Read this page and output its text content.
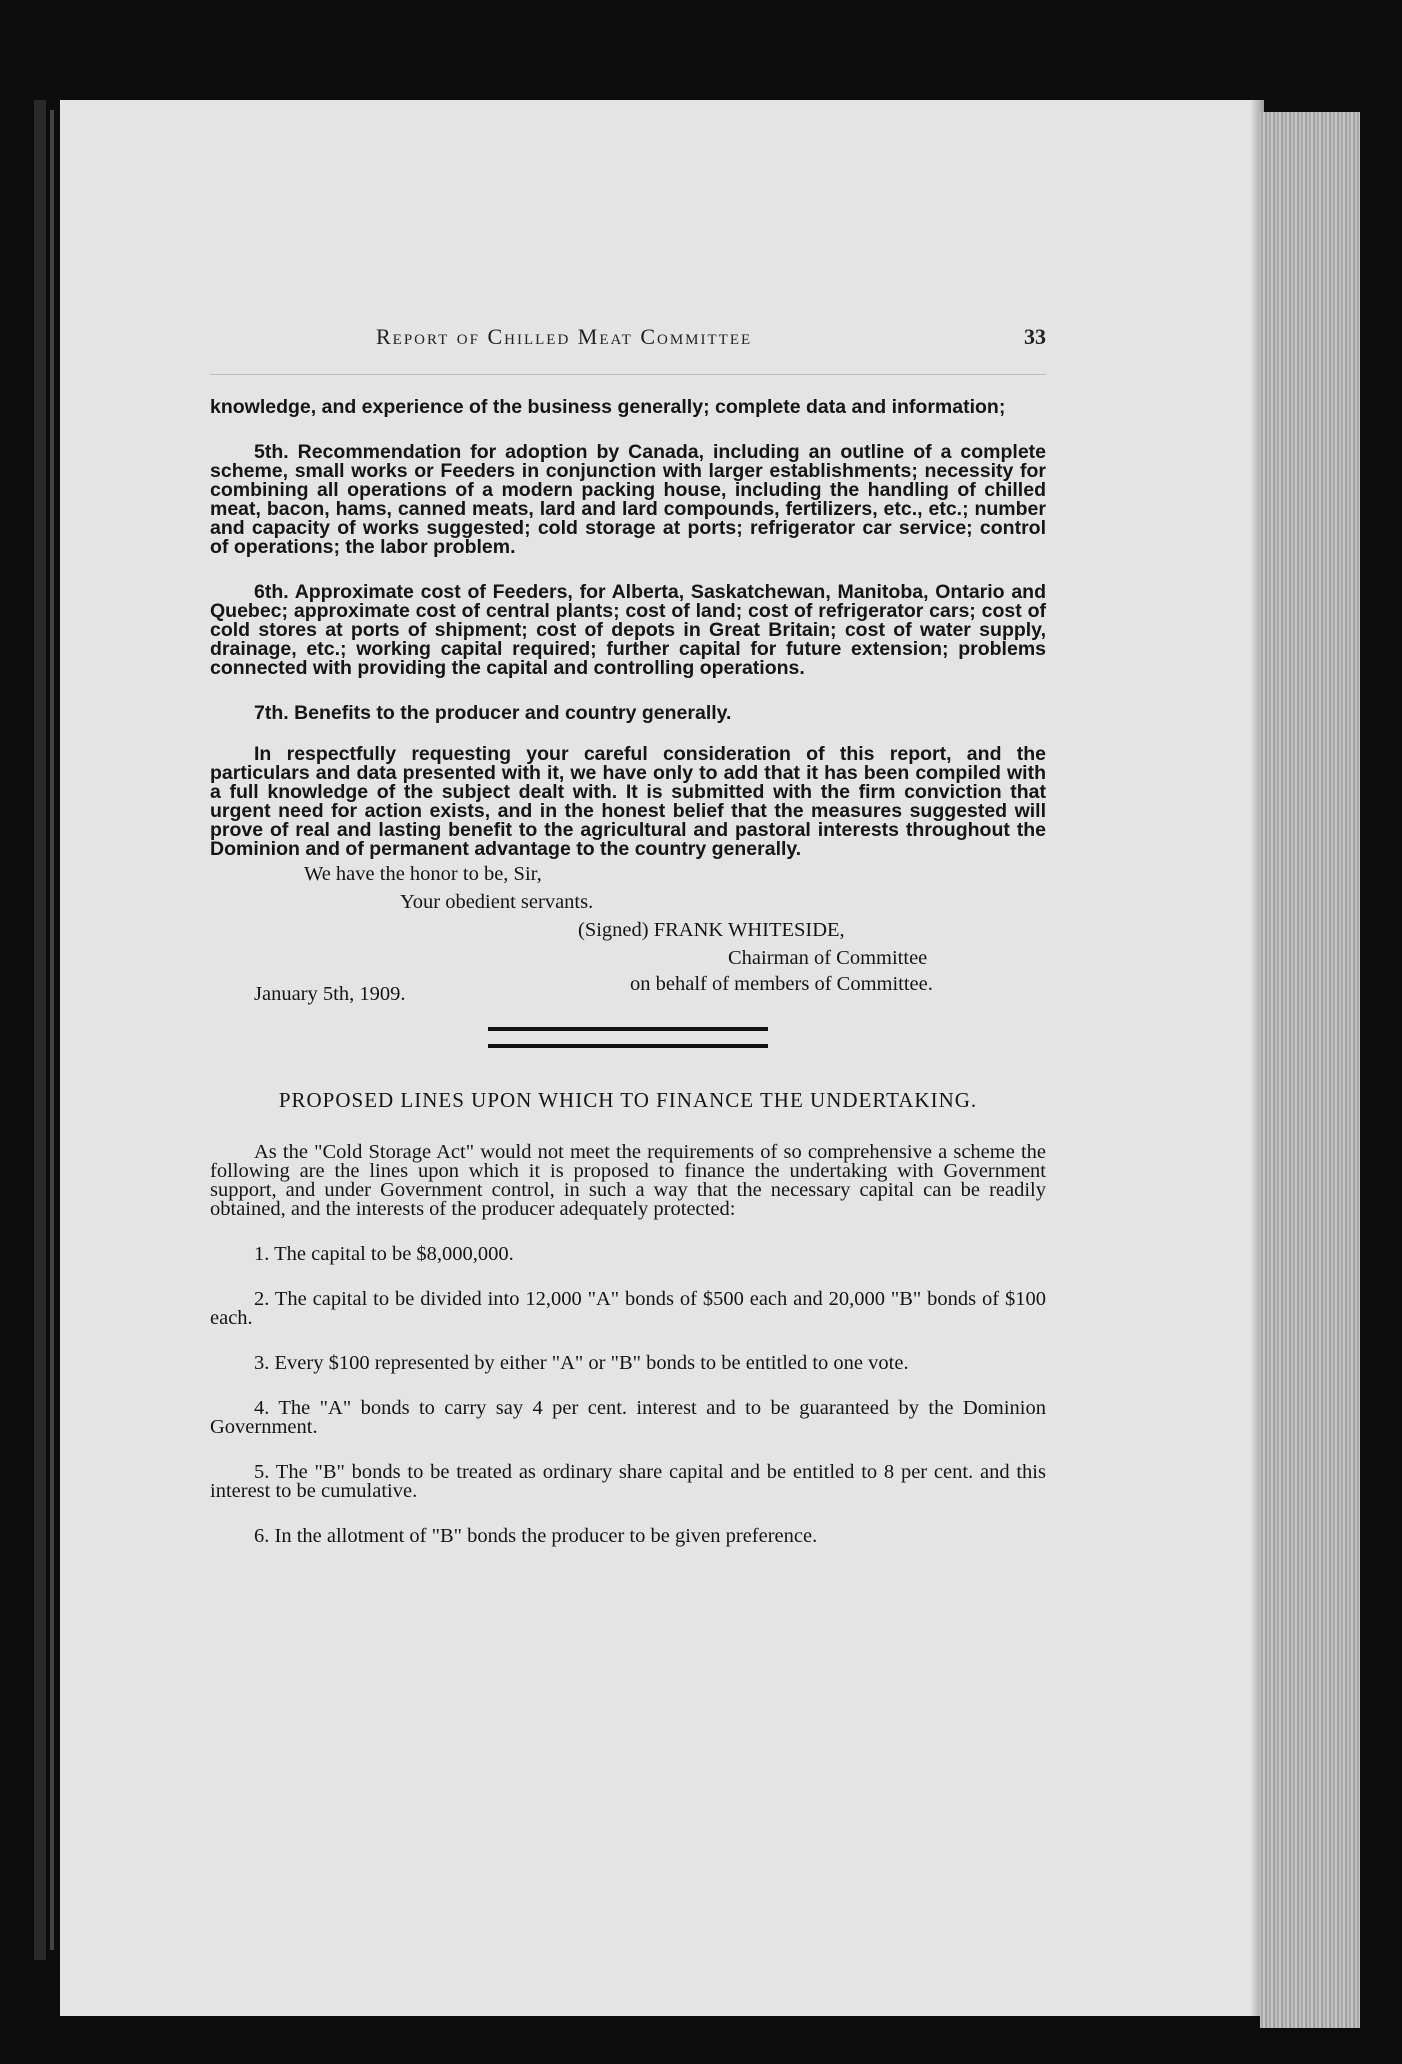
Report of Chilled Meat Committee	33

knowledge, and experience of the business generally; complete data and information;

5th. Recommendation for adoption by Canada, including an outline of a complete scheme, small works or Feeders in conjunction with larger establishments; necessity for combining all operations of a modern packing house, including the handling of chilled meat, bacon, hams, canned meats, lard and lard compounds, fertilizers, etc., etc.; number and capacity of works suggested; cold storage at ports; refrigerator car service; control of operations; the labor problem.

6th. Approximate cost of Feeders, for Alberta, Saskatchewan, Manitoba, Ontario and Quebec; approximate cost of central plants; cost of land; cost of refrigerator cars; cost of cold stores at ports of shipment; cost of depots in Great Britain; cost of water supply, drainage, etc.; working capital required; further capital for future extension; problems connected with providing the capital and controlling operations.

7th. Benefits to the producer and country generally.

In respectfully requesting your careful consideration of this report, and the particulars and data presented with it, we have only to add that it has been compiled with a full knowledge of the subject dealt with. It is submitted with the firm conviction that urgent need for action exists, and in the honest belief that the measures suggested will prove of real and lasting benefit to the agricultural and pastoral interests throughout the Dominion and of permanent advantage to the country generally.

We have the honor to be, Sir,
Your obedient servants.
(Signed) FRANK WHITESIDE,
Chairman of Committee
on behalf of members of Committee.
January 5th, 1909.
PROPOSED LINES UPON WHICH TO FINANCE THE UNDERTAKING.

As the "Cold Storage Act" would not meet the requirements of so comprehensive a scheme the following are the lines upon which it is proposed to finance the undertaking with Government support, and under Government control, in such a way that the necessary capital can be readily obtained, and the interests of the producer adequately protected:

1. The capital to be $8,000,000.

2. The capital to be divided into 12,000 "A" bonds of $500 each and 20,000 "B" bonds of $100 each.

3. Every $100 represented by either "A" or "B" bonds to be entitled to one vote.

4. The "A" bonds to carry say 4 per cent. interest and to be guaranteed by the Dominion Government.

5. The "B" bonds to be treated as ordinary share capital and be entitled to 8 per cent. and this interest to be cumulative.

6. In the allotment of "B" bonds the producer to be given preference.
